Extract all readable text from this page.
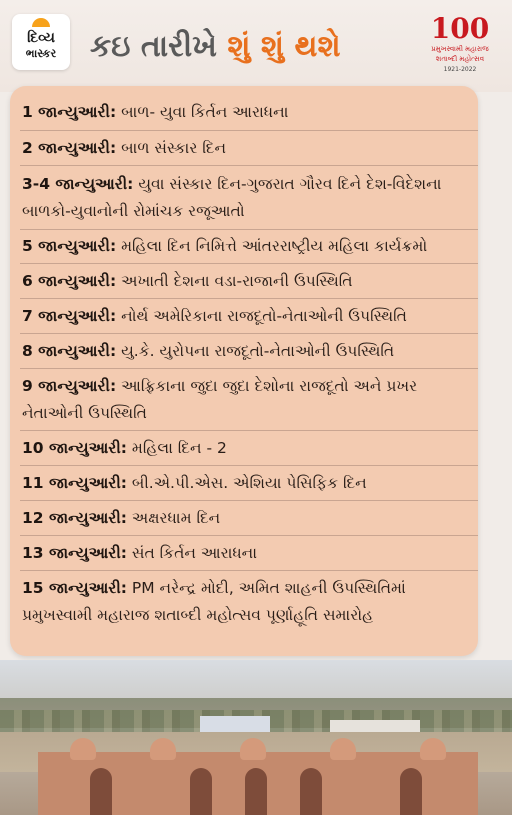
દિવ્ય
ભાસ્કર	કઇ તારીખે શું શું થશે
100
પ્રમુખસ્વામી મહારાજ
શતાબ્દી મહોત્સવ
1921-2022
1 જાન્યુઆરી: બાળ- યુવા કિર્તન આરાધના
2 જાન્યુઆરી: બાળ સંસ્કાર દિન
3-4 જાન્યુઆરી: યુવા સંસ્કાર દિન-ગુજરાત ગૌરવ દિને દેશ-વિદેશના બાળકો-યુવાનોની રોમાંચક રજૂઆતો
5 જાન્યુઆરી: મહિલા દિન નિમિત્તે આંતરરાષ્ટ્રીય મહિલા કાર્યક્રમો
6 જાન્યુઆરી: અખાતી દેશના વડા-રાજાની ઉપસ્થિતિ
7 જાન્યુઆરી: નોર્થ અમેરિકાના રાજદૂતો-નેતાઓની ઉપસ્થિતિ
8 જાન્યુઆરી: યુ.કે. યુરોપના રાજદૂતો-નેતાઓની ઉપસ્થિતિ
9 જાન્યુઆરી: આફ્રિકાના જુદા જુદા દેશોના રાજદૂતો અને પ્રખર નેતાઓની ઉપસ્થિતિ
10 જાન્યુઆરી: મહિલા દિન - 2
11 જાન્યુઆરી: બી.એ.પી.એસ. એશિયા પેસિફિક દિન
12 જાન્યુઆરી: અક્ષરધામ દિન
13 જાન્યુઆરી: સંત કિર્તન આરાધના
15 જાન્યુઆરી: PM નરેન્દ્ર મોદી, અમિત શાહની ઉપસ્થિતિમાં પ્રમુખસ્વામી મહારાજ શતાબ્દી મહોત્સવ પૂર્ણાહૂતિ સમારોહ
